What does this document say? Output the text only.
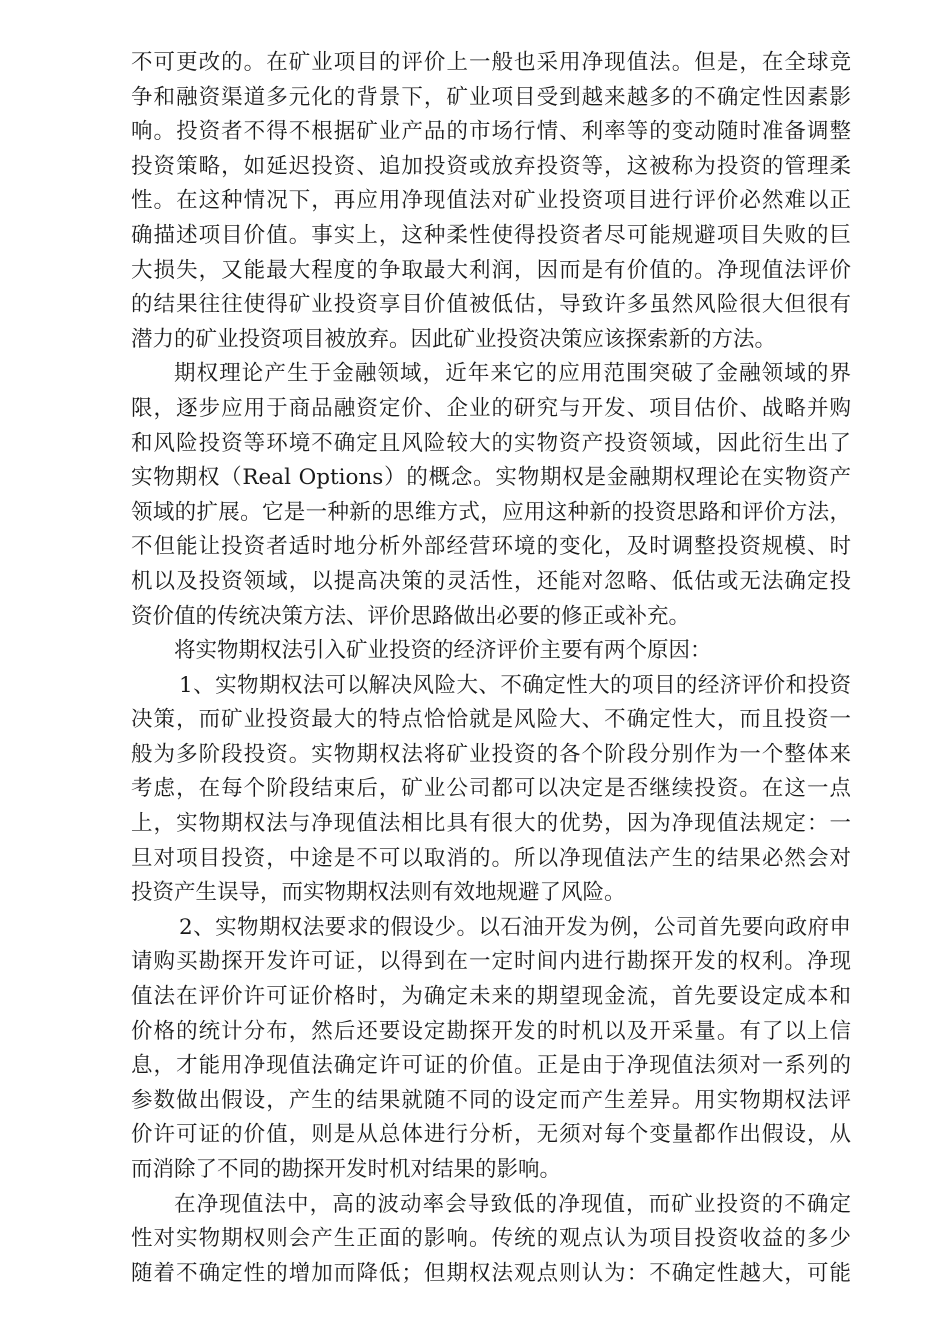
不可更改的。在矿业项目的评价上一般也采用净现值法。但是，在全球竞
争和融资渠道多元化的背景下，矿业项目受到越来越多的不确定性因素影
响。投资者不得不根据矿业产品的市场行情、利率等的变动随时准备调整
投资策略，如延迟投资、追加投资或放弃投资等，这被称为投资的管理柔
性。在这种情况下，再应用净现值法对矿业投资项目进行评价必然难以正
确描述项目价值。事实上，这种柔性使得投资者尽可能规避项目失败的巨
大损失，又能最大程度的争取最大利润，因而是有价值的。净现值法评价
的结果往往使得矿业投资享目价值被低估，导致许多虽然风险很大但很有
潜力的矿业投资项目被放弃。因此矿业投资决策应该探索新的方法。
期权理论产生于金融领域，近年来它的应用范围突破了金融领域的界
限，逐步应用于商品融资定价、企业的研究与开发、项目估价、战略并购
和风险投资等环境不确定且风险较大的实物资产投资领域，因此衍生出了
实物期权（Real Options）的概念。实物期权是金融期权理论在实物资产
领域的扩展。它是一种新的思维方式，应用这种新的投资思路和评价方法，
不但能让投资者适时地分析外部经营环境的变化，及时调整投资规模、时
机以及投资领域，以提高决策的灵活性，还能对忽略、低估或无法确定投
资价值的传统决策方法、评价思路做出必要的修正或补充。
将实物期权法引入矿业投资的经济评价主要有两个原因：
1、实物期权法可以解决风险大、不确定性大的项目的经济评价和投资
决策，而矿业投资最大的特点恰恰就是风险大、不确定性大，而且投资一
般为多阶段投资。实物期权法将矿业投资的各个阶段分别作为一个整体来
考虑，在每个阶段结束后，矿业公司都可以决定是否继续投资。在这一点
上，实物期权法与净现值法相比具有很大的优势，因为净现值法规定：一
旦对项目投资，中途是不可以取消的。所以净现值法产生的结果必然会对
投资产生误导，而实物期权法则有效地规避了风险。
2、实物期权法要求的假设少。以石油开发为例，公司首先要向政府申
请购买勘探开发许可证，以得到在一定时间内进行勘探开发的权利。净现
值法在评价许可证价格时，为确定未来的期望现金流，首先要设定成本和
价格的统计分布，然后还要设定勘探开发的时机以及开采量。有了以上信
息，才能用净现值法确定许可证的价值。正是由于净现值法须对一系列的
参数做出假设，产生的结果就随不同的设定而产生差异。用实物期权法评
价许可证的价值，则是从总体进行分析，无须对每个变量都作出假设，从
而消除了不同的勘探开发时机对结果的影响。
在净现值法中，高的波动率会导致低的净现值，而矿业投资的不确定
性对实物期权则会产生正面的影响。传统的观点认为项目投资收益的多少
随着不确定性的增加而降低；但期权法观点则认为：不确定性越大，可能
